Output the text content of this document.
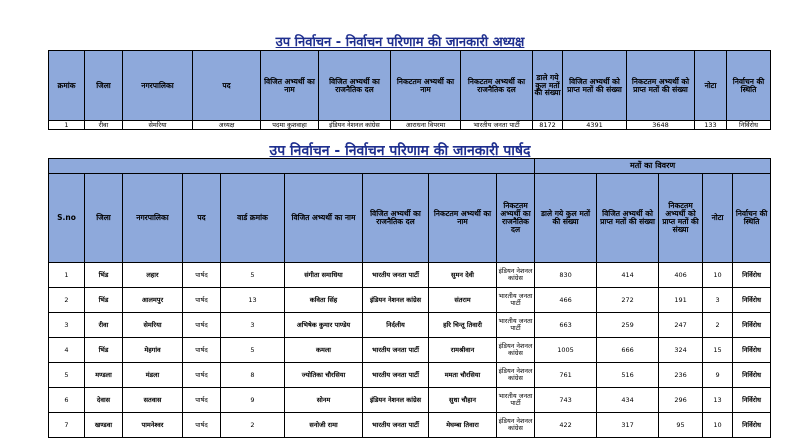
उप निर्वाचन - निर्वाचन परिणाम की जानकारी अध्यक्ष
क्रमांक	जिला	नगरपालिका	पद	विजित अभ्यर्थी का नाम	विजित अभ्यर्थी का राजनैतिक दल	निकटतम अभ्यर्थी का नाम	निकटतम अभ्यर्थी का राजनैतिक दल	डाले गये कुल मतों की संख्या	विजित अभ्यर्थी को प्राप्त मतों की संख्या	निकटतम अभ्यर्थी को प्राप्त मतों की संख्या	नोटा	निर्वाचन की स्थिति
1	रीवा	सेमरिया	अध्यक्ष	पदमा कुशवाहा	इंडियन नेशनल कांग्रेस	आराधना विपरमा	भारतीय जनता पार्टी	8172	4391	3648	133	निर्विरोध
उप निर्वाचन - निर्वाचन परिणाम की जानकारी पार्षद
									मतों का विवरण				
S.no	जिला	नगरपालिका	पद	वार्ड क्रमांक	विजित अभ्यर्थी का नाम	विजित अभ्यर्थी का राजनैतिक दल	निकटतम अभ्यर्थी का नाम	निकटतम अभ्यर्थी का राजनैतिक दल	डाले गये कुल मतों की संख्या	विजित अभ्यर्थी को प्राप्त मतों की संख्या	निकटतम अभ्यर्थी को प्राप्त मतों की संख्या	नोटा	निर्वाचन की स्थिति
1	भिंड	लहार	पार्षद	5	संगीता समाधिया	भारतीय जनता पार्टी	सुमन देवी	इंडियन नेशनल कांग्रेस	830	414	406	10	निर्विरोध
2	भिंड	आलमपुर	पार्षद	13	कविता सिंह	इंडियन नेशनल कांग्रेस	संतराम	भारतीय जनता पार्टी	466	272	191	3	निर्विरोध
3	रीवा	सेमरिया	पार्षद	3	अभिषेक कुमार पाण्डेय	निर्दलीय	हरि चिन्तू तिवारी	भारतीय जनता पार्टी	663	259	247	2	निर्विरोध
4	भिंड	मेहगांव	पार्षद	5	कमला	भारतीय जनता पार्टी	रामश्रीवान	इंडियन नेशनल कांग्रेस	1005	666	324	15	निर्विरोध
5	मण्डला	मंडला	पार्षद	8	ज्योतिका चौरसिया	भारतीय जनता पार्टी	ममता चौरसिया	इंडियन नेशनल कांग्रेस	761	516	236	9	निर्विरोध
6	देवास	सतवास	पार्षद	9	सोनम	इंडियन नेशनल कांग्रेस	सुधा चौहान	भारतीय जनता पार्टी	743	434	296	13	निर्विरोध
7	खण्डवा	पामनेश्वर	पार्षद	2	सनोजी रामा	भारतीय जनता पार्टी	मेघम्बा तिवारा	इंडियन नेशनल कांग्रेस	422	317	95	10	निर्विरोध
